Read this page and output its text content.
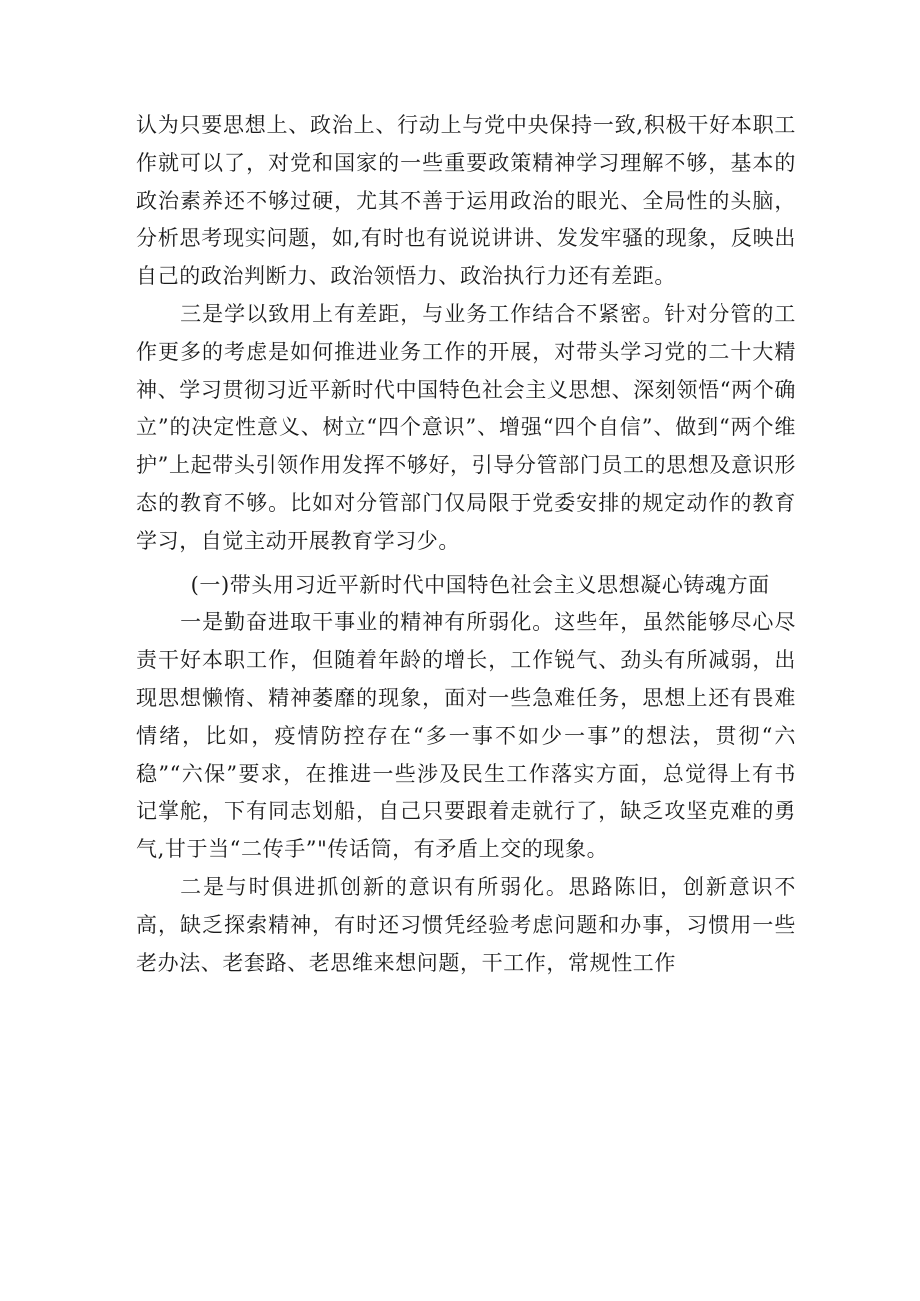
认为只要思想上、政治上、行动上与党中央保持一致,积极干好本职工作就可以了，对党和国家的一些重要政策精神学习理解不够，基本的政治素养还不够过硬，尤其不善于运用政治的眼光、全局性的头脑，分析思考现实问题，如,有时也有说说讲讲、发发牢骚的现象，反映出自己的政治判断力、政治领悟力、政治执行力还有差距。

三是学以致用上有差距，与业务工作结合不紧密。针对分管的工作更多的考虑是如何推进业务工作的开展，对带头学习党的二十大精神、学习贯彻习近平新时代中国特色社会主义思想、深刻领悟“两个确立”的决定性意义、树立“四个意识”、增强“四个自信”、做到“两个维护”上起带头引领作用发挥不够好，引导分管部门员工的思想及意识形态的教育不够。比如对分管部门仅局限于党委安排的规定动作的教育学习，自觉主动开展教育学习少。

(一)带头用习近平新时代中国特色社会主义思想凝心铸魂方面

一是勤奋进取干事业的精神有所弱化。这些年，虽然能够尽心尽责干好本职工作，但随着年龄的增长，工作锐气、劲头有所减弱，出现思想懒惰、精神萎靡的现象，面对一些急难任务，思想上还有畏难情绪，比如，疫情防控存在“多一事不如少一事”的想法，贯彻“六稳”“六保”要求，在推进一些涉及民生工作落实方面，总觉得上有书记掌舵，下有同志划船，自己只要跟着走就行了，缺乏攻坚克难的勇气,甘于当“二传手”"传话筒，有矛盾上交的现象。

二是与时俱进抓创新的意识有所弱化。思路陈旧，创新意识不高，缺乏探索精神，有时还习惯凭经验考虑问题和办事，习惯用一些老办法、老套路、老思维来想问题，干工作，常规性工作
